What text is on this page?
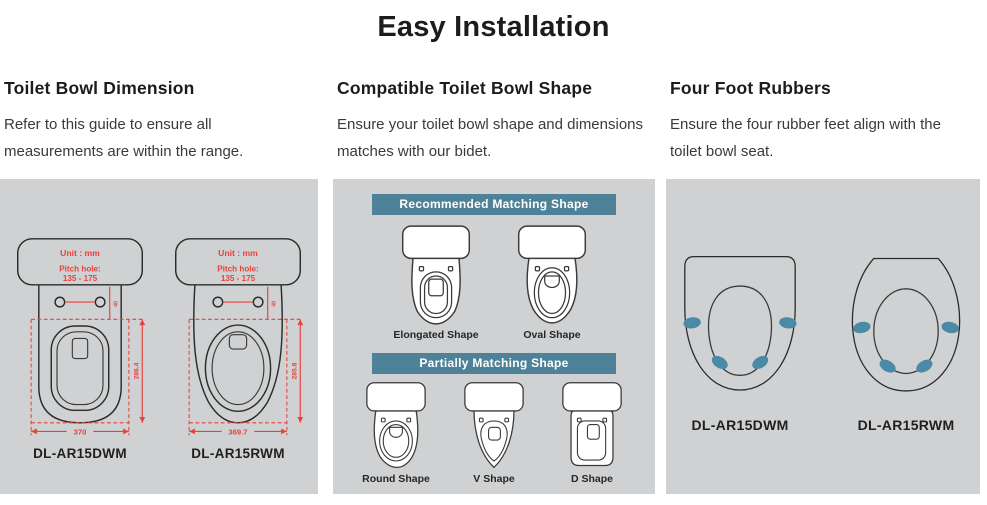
Easy Installation
Toilet Bowl Dimension

Refer to this guide to ensure all measurements are within the range.

Unit : mm
Pitch hole:
135 - 175
40
286.4
370
DL-AR15DWM
Unit : mm
Pitch hole:
135 - 175
40
285.8
369.7
DL-AR15RWM
Compatible Toilet Bowl Shape

Ensure your toilet bowl shape and dimensions matches with our bidet.

Recommended Matching Shape
Elongated Shape	Oval Shape
Partially Matching Shape
Round Shape	V Shape	D Shape
Four Foot Rubbers

Ensure the four rubber feet align with the toilet bowl seat.

DL-AR15DWM	DL-AR15RWM
